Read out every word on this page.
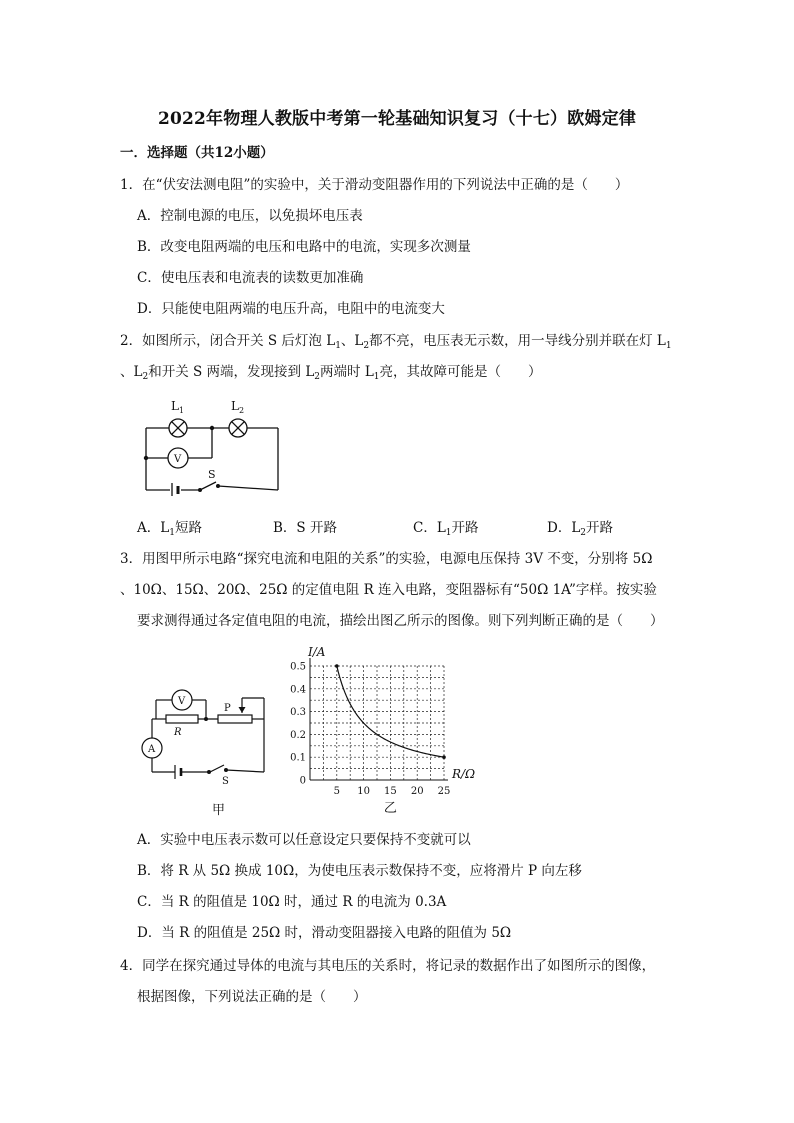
2022年物理人教版中考第一轮基础知识复习（十七）欧姆定律
一．选择题（共12小题）
1．在“伏安法测电阻”的实验中，关于滑动变阻器作用的下列说法中正确的是（　　）
A．控制电源的电压，以免损坏电压表
B．改变电阻两端的电压和电路中的电流，实现多次测量
C．使电压表和电流表的读数更加准确
D．只能使电阻两端的电压升高，电阻中的电流变大
2．如图所示，闭合开关 S 后灯泡 $L_1$、$L_2$都不亮，电压表无示数，用一导线分别并联在灯 $L_1$
、$L_2$和开关 S 两端，发现接到 $L_2$两端时 $L_1$亮，其故障可能是（　　）
$L_1$	$L_2$
V
S
A．$L_1$短路	B．S 开路	C．$L_1$开路	D．$L_2$开路
3．用图甲所示电路“探究电流和电阻的关系”的实验，电源电压保持 3V 不变，分别将 5Ω
、10Ω、15Ω、20Ω、25Ω 的定值电阻 R 连入电路，变阻器标有“50Ω 1A”字样。按实验
要求测得通过各定值电阻的电流，描绘出图乙所示的图像。则下列判断正确的是（　　）
V
A
P
R
S
甲
0
0.1
0.2
0.3
0.4
0.5
5 10 15 20 25
I/A
R/Ω
乙
A．实验中电压表示数可以任意设定只要保持不变就可以
B．将 R 从 5Ω 换成 10Ω，为使电压表示数保持不变，应将滑片 P 向左移
C．当 R 的阻值是 10Ω 时，通过 R 的电流为 0.3A
D．当 R 的阻值是 25Ω 时，滑动变阻器接入电路的阻值为 5Ω
4．同学在探究通过导体的电流与其电压的关系时，将记录的数据作出了如图所示的图像，
根据图像，下列说法正确的是（　　）
